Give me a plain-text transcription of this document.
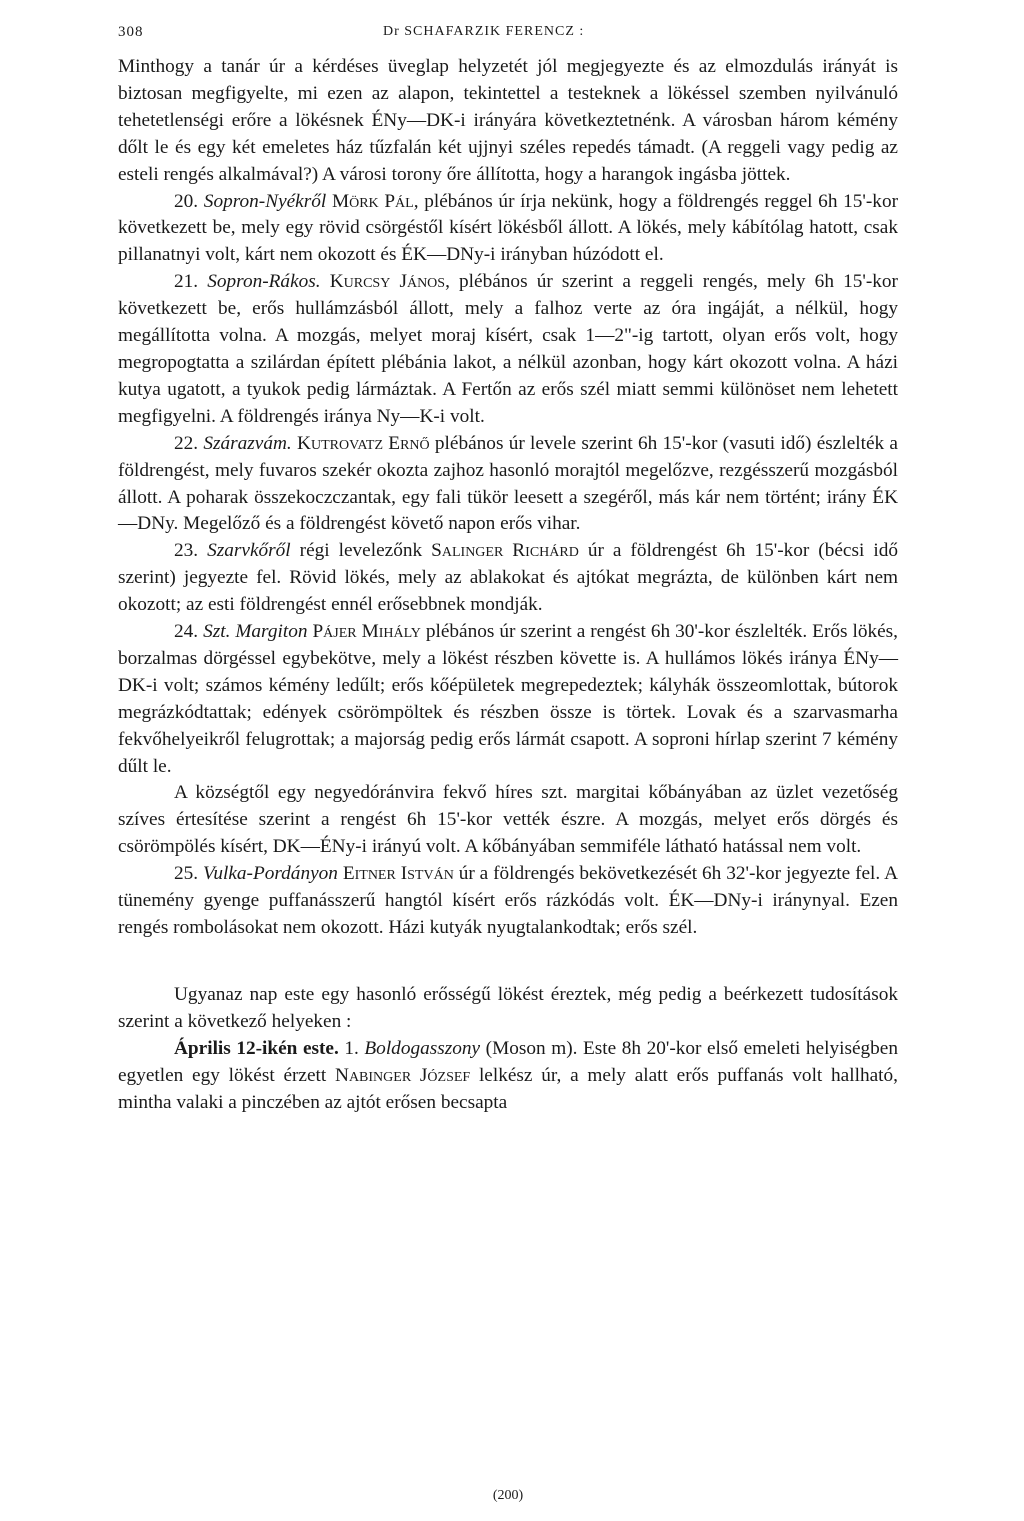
308	Dr SCHAFARZIK FERENCZ :

Minthogy a tanár úr a kérdéses üveglap helyzetét jól megjegyezte és az elmozdulás irányát is biztosan megfigyelte, mi ezen az alapon, tekintettel a testeknek a lökéssel szemben nyilvánuló tehetetlenségi erőre a lökésnek ÉNy—DK-i irányára következtetnénk. A városban három kémény dőlt le és egy két emeletes ház tűzfalán két ujjnyi széles repedés támadt. (A reggeli vagy pedig az esteli rengés alkalmával?) A városi torony őre állította, hogy a harangok ingásba jöttek.

20. Sopron-Nyékről Mörk Pál, plébános úr írja nekünk, hogy a földrengés reggel 6h 15'-kor következett be, mely egy rövid csörgéstől kísért lökésből állott. A lökés, mely kábítólag hatott, csak pillanatnyi volt, kárt nem okozott és ÉK—DNy-i irányban húzódott el.

21. Sopron-Rákos. Kurcsy János, plébános úr szerint a reggeli rengés, mely 6h 15'-kor következett be, erős hullámzásból állott, mely a falhoz verte az óra ingáját, a nélkül, hogy megállította volna. A mozgás, melyet moraj kísért, csak 1—2"-ig tartott, olyan erős volt, hogy megropogtatta a szilárdan épített plébánia lakot, a nélkül azonban, hogy kárt okozott volna. A házi kutya ugatott, a tyukok pedig lármáztak. A Fertőn az erős szél miatt semmi különöset nem lehetett megfigyelni. A földrengés iránya Ny—K-i volt.

22. Szárazvám. Kutrovatz Ernő plébános úr levele szerint 6h 15'-kor (vasuti idő) észlelték a földrengést, mely fuvaros szekér okozta zajhoz hasonló morajtól megelőzve, rezgésszerű mozgásból állott. A poharak összekoczczantak, egy fali tükör leesett a szegéről, más kár nem történt; irány ÉK—DNy. Megelőző és a földrengést követő napon erős vihar.

23. Szarvkőről régi levelezőnk Salinger Richárd úr a földrengést 6h 15'-kor (bécsi idő szerint) jegyezte fel. Rövid lökés, mely az ablakokat és ajtókat megrázta, de különben kárt nem okozott; az esti földrengést ennél erősebbnek mondják.

24. Szt. Margiton Pájer Mihály plébános úr szerint a rengést 6h 30'-kor észlelték. Erős lökés, borzalmas dörgéssel egybekötve, mely a lökést részben követte is. A hullámos lökés iránya ÉNy—DK-i volt; számos kémény ledűlt; erős kőépületek megrepedeztek; kályhák összeomlottak, bútorok megrázkódtattak; edények csörömpöltek és részben össze is törtek. Lovak és a szarvasmarha fekvőhelyeikről felugrottak; a majorság pedig erős lármát csapott. A soproni hírlap szerint 7 kémény dűlt le.

A községtől egy negyedóránvira fekvő híres szt. margitai kőbányában az üzlet vezetőség szíves értesítése szerint a rengést 6h 15'-kor vették észre. A mozgás, melyet erős dörgés és csörömpölés kísért, DK—ÉNy-i irányú volt. A kőbányában semmiféle látható hatással nem volt.

25. Vulka-Pordányon Eitner István úr a földrengés bekövetkezését 6h 32'-kor jegyezte fel. A tünemény gyenge puffanásszerű hangtól kísért erős rázkódás volt. ÉK—DNy-i iránynyal. Ezen rengés rombolásokat nem okozott. Házi kutyák nyugtalankodtak; erős szél.

Ugyanaz nap este egy hasonló erősségű lökést éreztek, még pedig a beérkezett tudosítások szerint a következő helyeken :

Április 12-ikén este. 1. Boldogasszony (Moson m). Este 8h 20'-kor első emeleti helyiségben egyetlen egy lökést érzett Nabinger József lelkész úr, a mely alatt erős puffanás volt hallható, mintha valaki a pinczében az ajtót erősen becsapta

(200)
